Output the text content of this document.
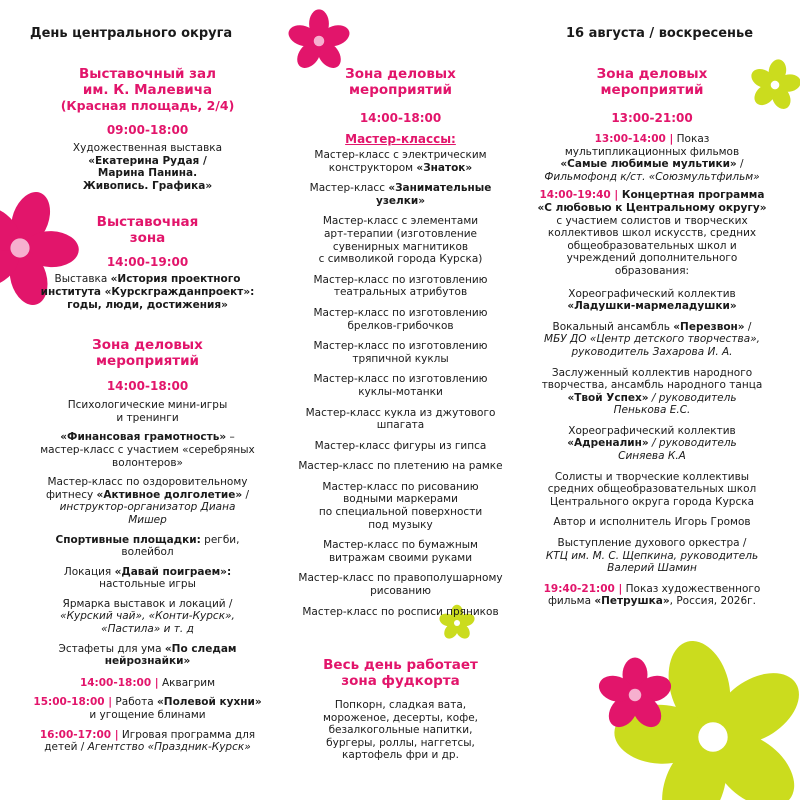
День центрального округа	16 августа / воскресенье
Выставочный зал
им. К. Малевича
(Красная площадь, 2/4)
09:00-18:00
Художественная выставка
«Екатерина Рудая /
Марина Панина.
Живопись. Графика»
Выставочная
зона
14:00-19:00
Выставка «История проектного
института «Курскгражданпроект»:
годы, люди, достижения»
Зона деловых
мероприятий
14:00-18:00
Психологические мини-игры
и тренинги
«Финансовая грамотность» –
мастер-класс с участием «серебряных
волонтеров»
Мастер-класс по оздоровительному
фитнесу «Активное долголетие» /
инструктор-организатор Диана
Мишер
Спортивные площадки: регби,
волейбол
Локация «Давай поиграем»:
настольные игры
Ярмарка выставок и локаций /
«Курский чай», «Конти-Курск»,
«Пастила» и т. д
Эстафеты для ума «По следам
нейрознайки»
14:00-18:00 | Аквагрим
15:00-18:00 | Работа «Полевой кухни»
и угощение блинами
16:00-17:00 | Игровая программа для
детей / Агентство «Праздник-Курск»
Зона деловых
мероприятий
14:00-18:00
Мастер-классы:
Мастер-класс с электрическим
конструктором «Знаток»
Мастер-класс «Занимательные
узелки»
Мастер-класс с элементами
арт-терапии (изготовление
сувенирных магнитиков
с символикой города Курска)
Мастер-класс по изготовлению
театральных атрибутов
Мастер-класс по изготовлению
брелков-грибочков
Мастер-класс по изготовлению
тряпичной куклы
Мастер-класс по изготовлению
куклы-мотанки
Мастер-класс кукла из джутового
шпагата
Мастер-класс фигуры из гипса
Мастер-класс по плетению на рамке
Мастер-класс по рисованию
водными маркерами
по специальной поверхности
под музыку
Мастер-класс по бумажным
витражам своими руками
Мастер-класс по правополушарному
рисованию
Мастер-класс по росписи пряников
Весь день работает
зона фудкорта
Попкорн, сладкая вата,
мороженое, десерты, кофе,
безалкогольные напитки,
бургеры, роллы, наггетсы,
картофель фри и др.
Зона деловых
мероприятий
13:00-21:00
13:00-14:00 | Показ
мультипликационных фильмов
«Самые любимые мультики» /
Фильмофонд к/ст. «Союзмультфильм»
14:00-19:40 | Концертная программа
«С любовью к Центральному округу»
с участием солистов и творческих
коллективов школ искусств, средних
общеобразовательных школ и
учреждений дополнительного
образования:
Хореографический коллектив
«Ладушки-мармеладушки»
Вокальный ансамбль «Перезвон» /
МБУ ДО «Центр детского творчества»,
руководитель Захарова И. А.
Заслуженный коллектив народного
творчества, ансамбль народного танца
«Твой Успех» / руководитель
Пенькова Е.С.
Хореографический коллектив
«Адреналин» / руководитель
Синяева К.А
Солисты и творческие коллективы
средних общеобразовательных школ
Центрального округа города Курска
Автор и исполнитель Игорь Громов
Выступление духового оркестра /
КТЦ им. М. С. Щепкина, руководитель
Валерий Шамин
19:40-21:00 | Показ художественного
фильма «Петрушка», Россия, 2026г.
